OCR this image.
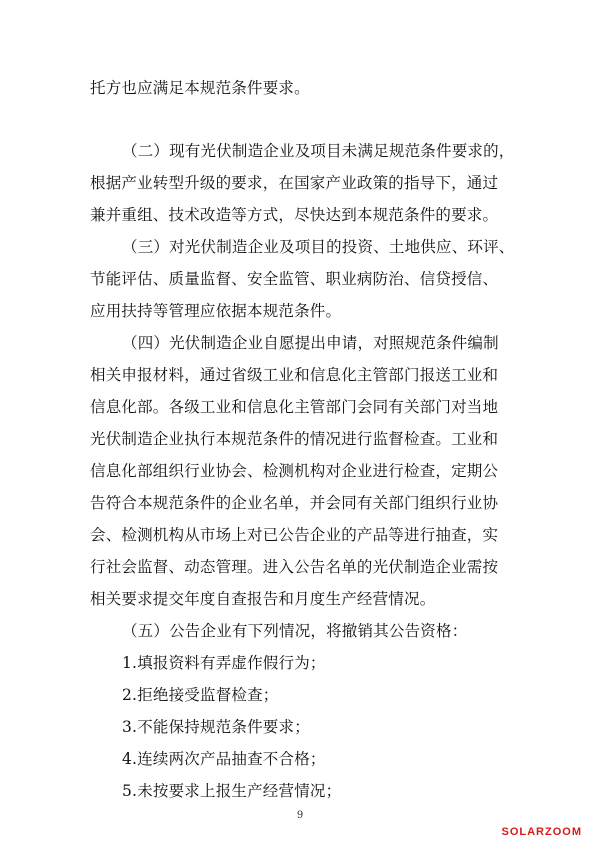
托方也应满足本规范条件要求。
（二）现有光伏制造企业及项目未满足规范条件要求的，
根据产业转型升级的要求，在国家产业政策的指导下，通过
兼并重组、技术改造等方式，尽快达到本规范条件的要求。
（三）对光伏制造企业及项目的投资、土地供应、环评、
节能评估、质量监督、安全监管、职业病防治、信贷授信、
应用扶持等管理应依据本规范条件。
（四）光伏制造企业自愿提出申请，对照规范条件编制
相关申报材料，通过省级工业和信息化主管部门报送工业和
信息化部。各级工业和信息化主管部门会同有关部门对当地
光伏制造企业执行本规范条件的情况进行监督检查。工业和
信息化部组织行业协会、检测机构对企业进行检查，定期公
告符合本规范条件的企业名单，并会同有关部门组织行业协
会、检测机构从市场上对已公告企业的产品等进行抽查，实
行社会监督、动态管理。进入公告名单的光伏制造企业需按
相关要求提交年度自查报告和月度生产经营情况。
（五）公告企业有下列情况，将撤销其公告资格：
1.填报资料有弄虚作假行为；
2.拒绝接受监督检查；
3.不能保持规范条件要求；
4.连续两次产品抽查不合格；
5.未按要求上报生产经营情况；
9
SOLARZOOM
